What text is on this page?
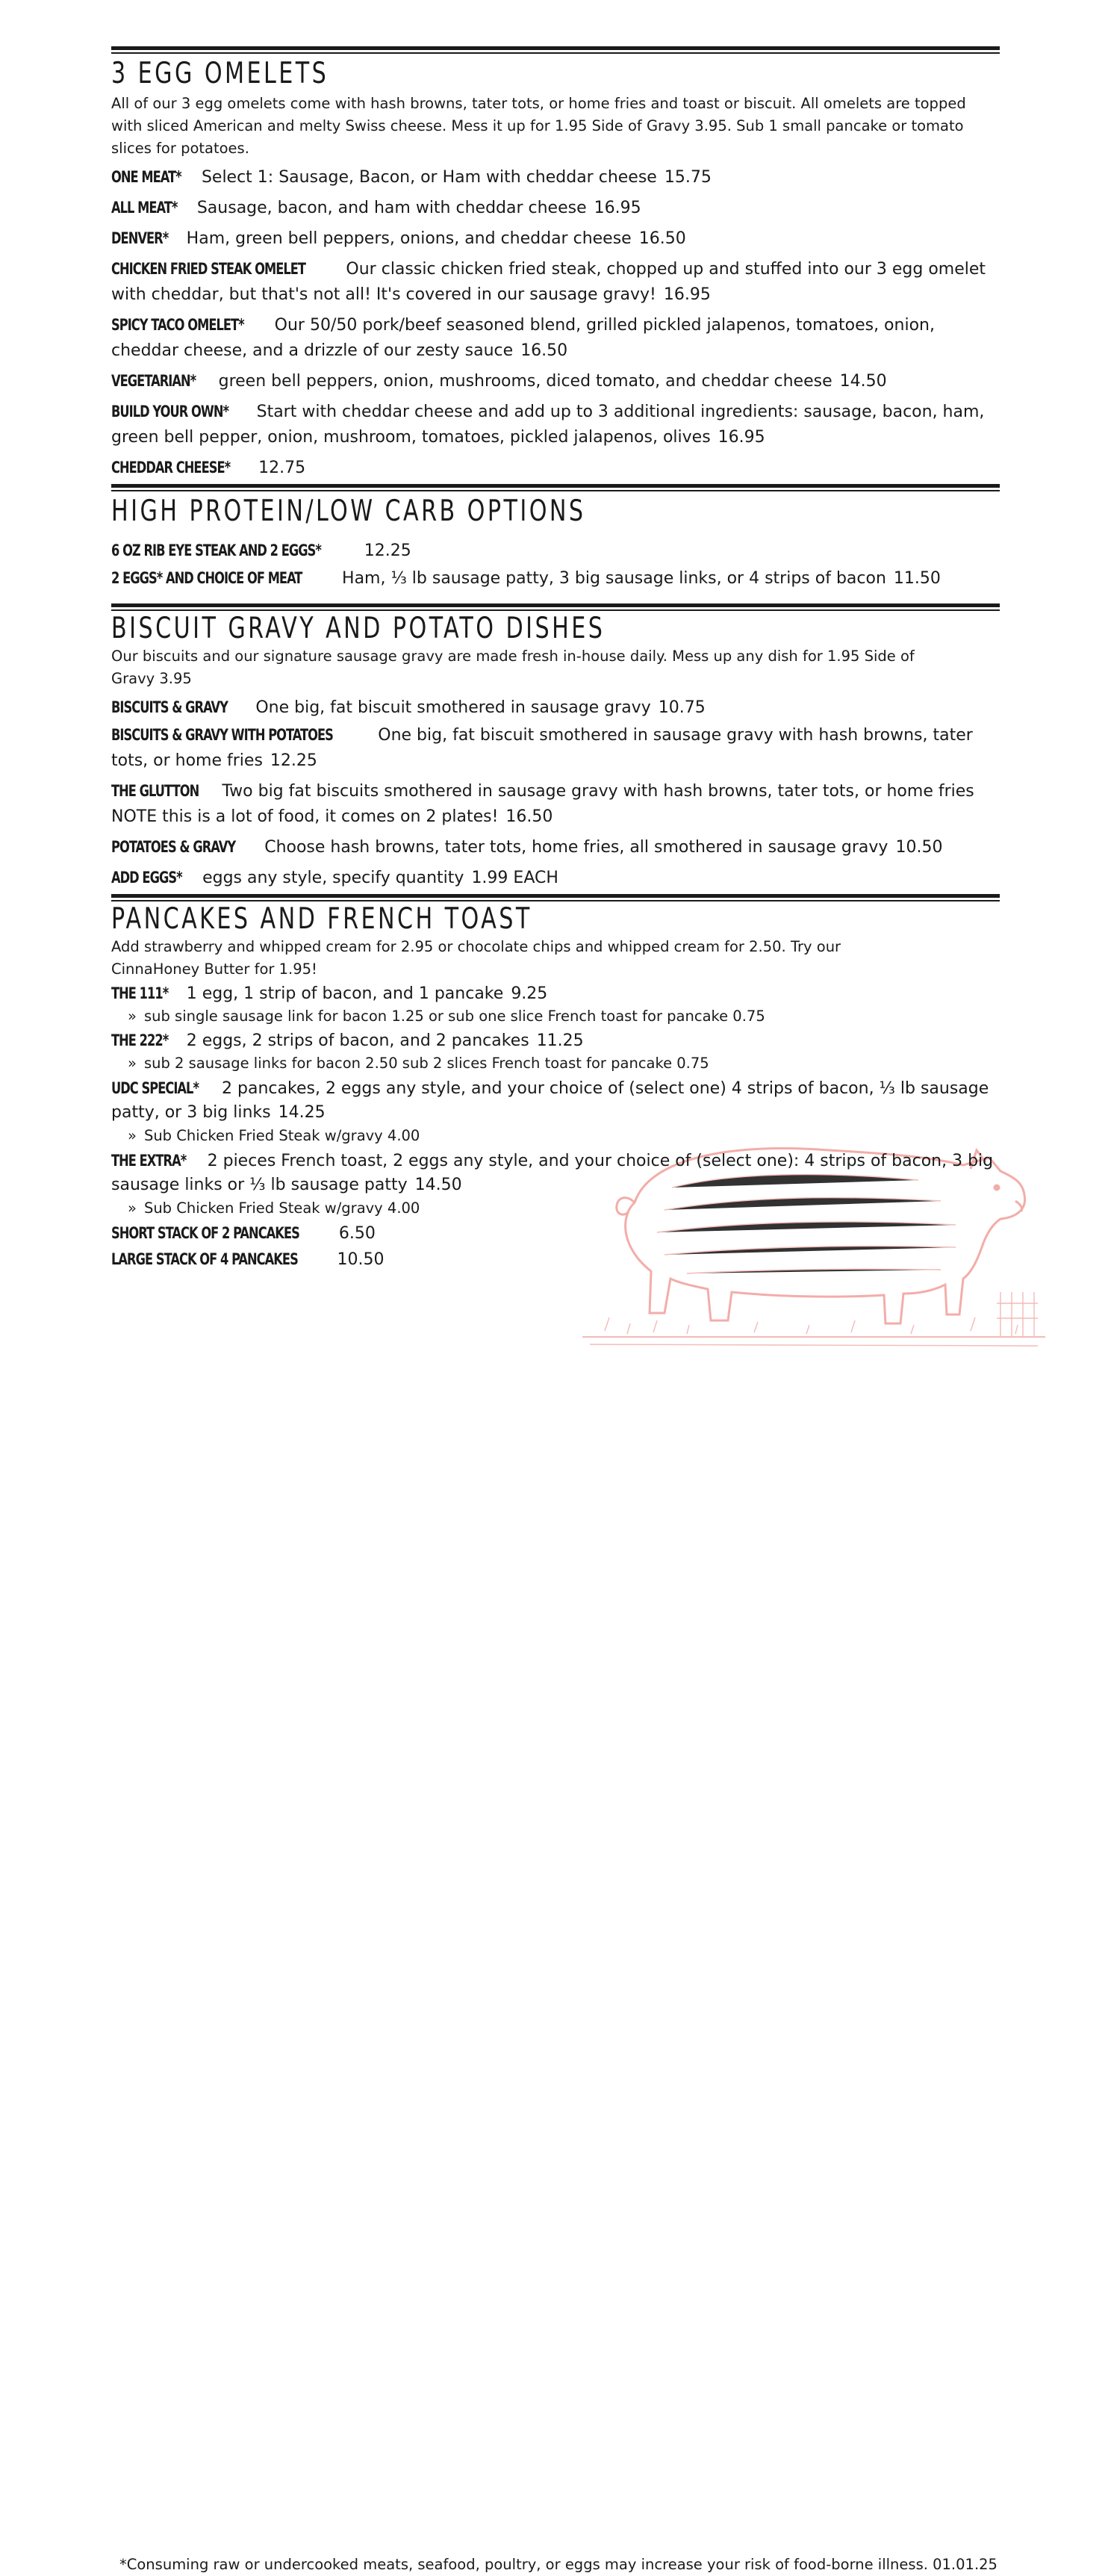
3 EGG OMELETS

All of our 3 egg omelets come with hash browns, tater tots, or home fries and toast or biscuit. All omelets are topped with sliced American and melty Swiss cheese. Mess it up for 1.95 Side of Gravy 3.95. Sub 1 small pancake or tomato slices for potatoes.

ONE MEAT* Select 1: Sausage, Bacon, or Ham with cheddar cheese 15.75
ALL MEAT* Sausage, bacon, and ham with cheddar cheese 16.95
DENVER* Ham, green bell peppers, onions, and cheddar cheese 16.50
CHICKEN FRIED STEAK OMELET Our classic chicken fried steak, chopped up and stuffed into our 3 egg omelet with cheddar, but that's not all! It's covered in our sausage gravy! 16.95
SPICY TACO OMELET* Our 50/50 pork/beef seasoned blend, grilled pickled jalapenos, tomatoes, onion, cheddar cheese, and a drizzle of our zesty sauce 16.50
VEGETARIAN* green bell peppers, onion, mushrooms, diced tomato, and cheddar cheese 14.50
BUILD YOUR OWN* Start with cheddar cheese and add up to 3 additional ingredients: sausage, bacon, ham, green bell pepper, onion, mushroom, tomatoes, pickled jalapenos, olives 16.95
CHEDDAR CHEESE* 12.75
HIGH PROTEIN/LOW CARB OPTIONS
6 OZ RIB EYE STEAK AND 2 EGGS*	12.25
2 EGGS* AND CHOICE OF MEAT Ham, ⅓ lb sausage patty, 3 big sausage links, or 4 strips of bacon 11.50
BISCUIT GRAVY AND POTATO DISHES

Our biscuits and our signature sausage gravy are made fresh in-house daily. Mess up any dish for 1.95 Side of Gravy 3.95

BISCUITS & GRAVY One big, fat biscuit smothered in sausage gravy 10.75
BISCUITS & GRAVY WITH POTATOES	One big, fat biscuit smothered in sausage gravy with hash browns, tater tots, or home fries 12.25
THE GLUTTON Two big fat biscuits smothered in sausage gravy with hash browns, tater tots, or home fries NOTE this is a lot of food, it comes on 2 plates! 16.50
POTATOES & GRAVY Choose hash browns, tater tots, home fries, all smothered in sausage gravy 10.50
ADD EGGS* eggs any style, specify quantity 1.99 EACH
PANCAKES AND FRENCH TOAST

Add strawberry and whipped cream for 2.95 or chocolate chips and whipped cream for 2.50. Try our CinnaHoney Butter for 1.95!

THE 111* 1 egg, 1 strip of bacon, and 1 pancake 9.25
» sub single sausage link for bacon 1.25 or sub one slice French toast for pancake 0.75
THE 222* 2 eggs, 2 strips of bacon, and 2 pancakes 11.25
» sub 2 sausage links for bacon 2.50 sub 2 slices French toast for pancake 0.75
UDC SPECIAL* 2 pancakes, 2 eggs any style, and your choice of (select one) 4 strips of bacon, ⅓ lb sausage patty, or 3 big links 14.25
» Sub Chicken Fried Steak w/gravy 4.00
THE EXTRA* 2 pieces French toast, 2 eggs any style, and your choice of (select one): 4 strips of bacon, 3 big sausage links or ⅓ lb sausage patty 14.50
» Sub Chicken Fried Steak w/gravy 4.00
SHORT STACK OF 2 PANCAKES 6.50
LARGE STACK OF 4 PANCAKES 10.50
*Consuming raw or undercooked meats, seafood, poultry, or eggs may increase your risk of food-borne illness. 01.01.25
